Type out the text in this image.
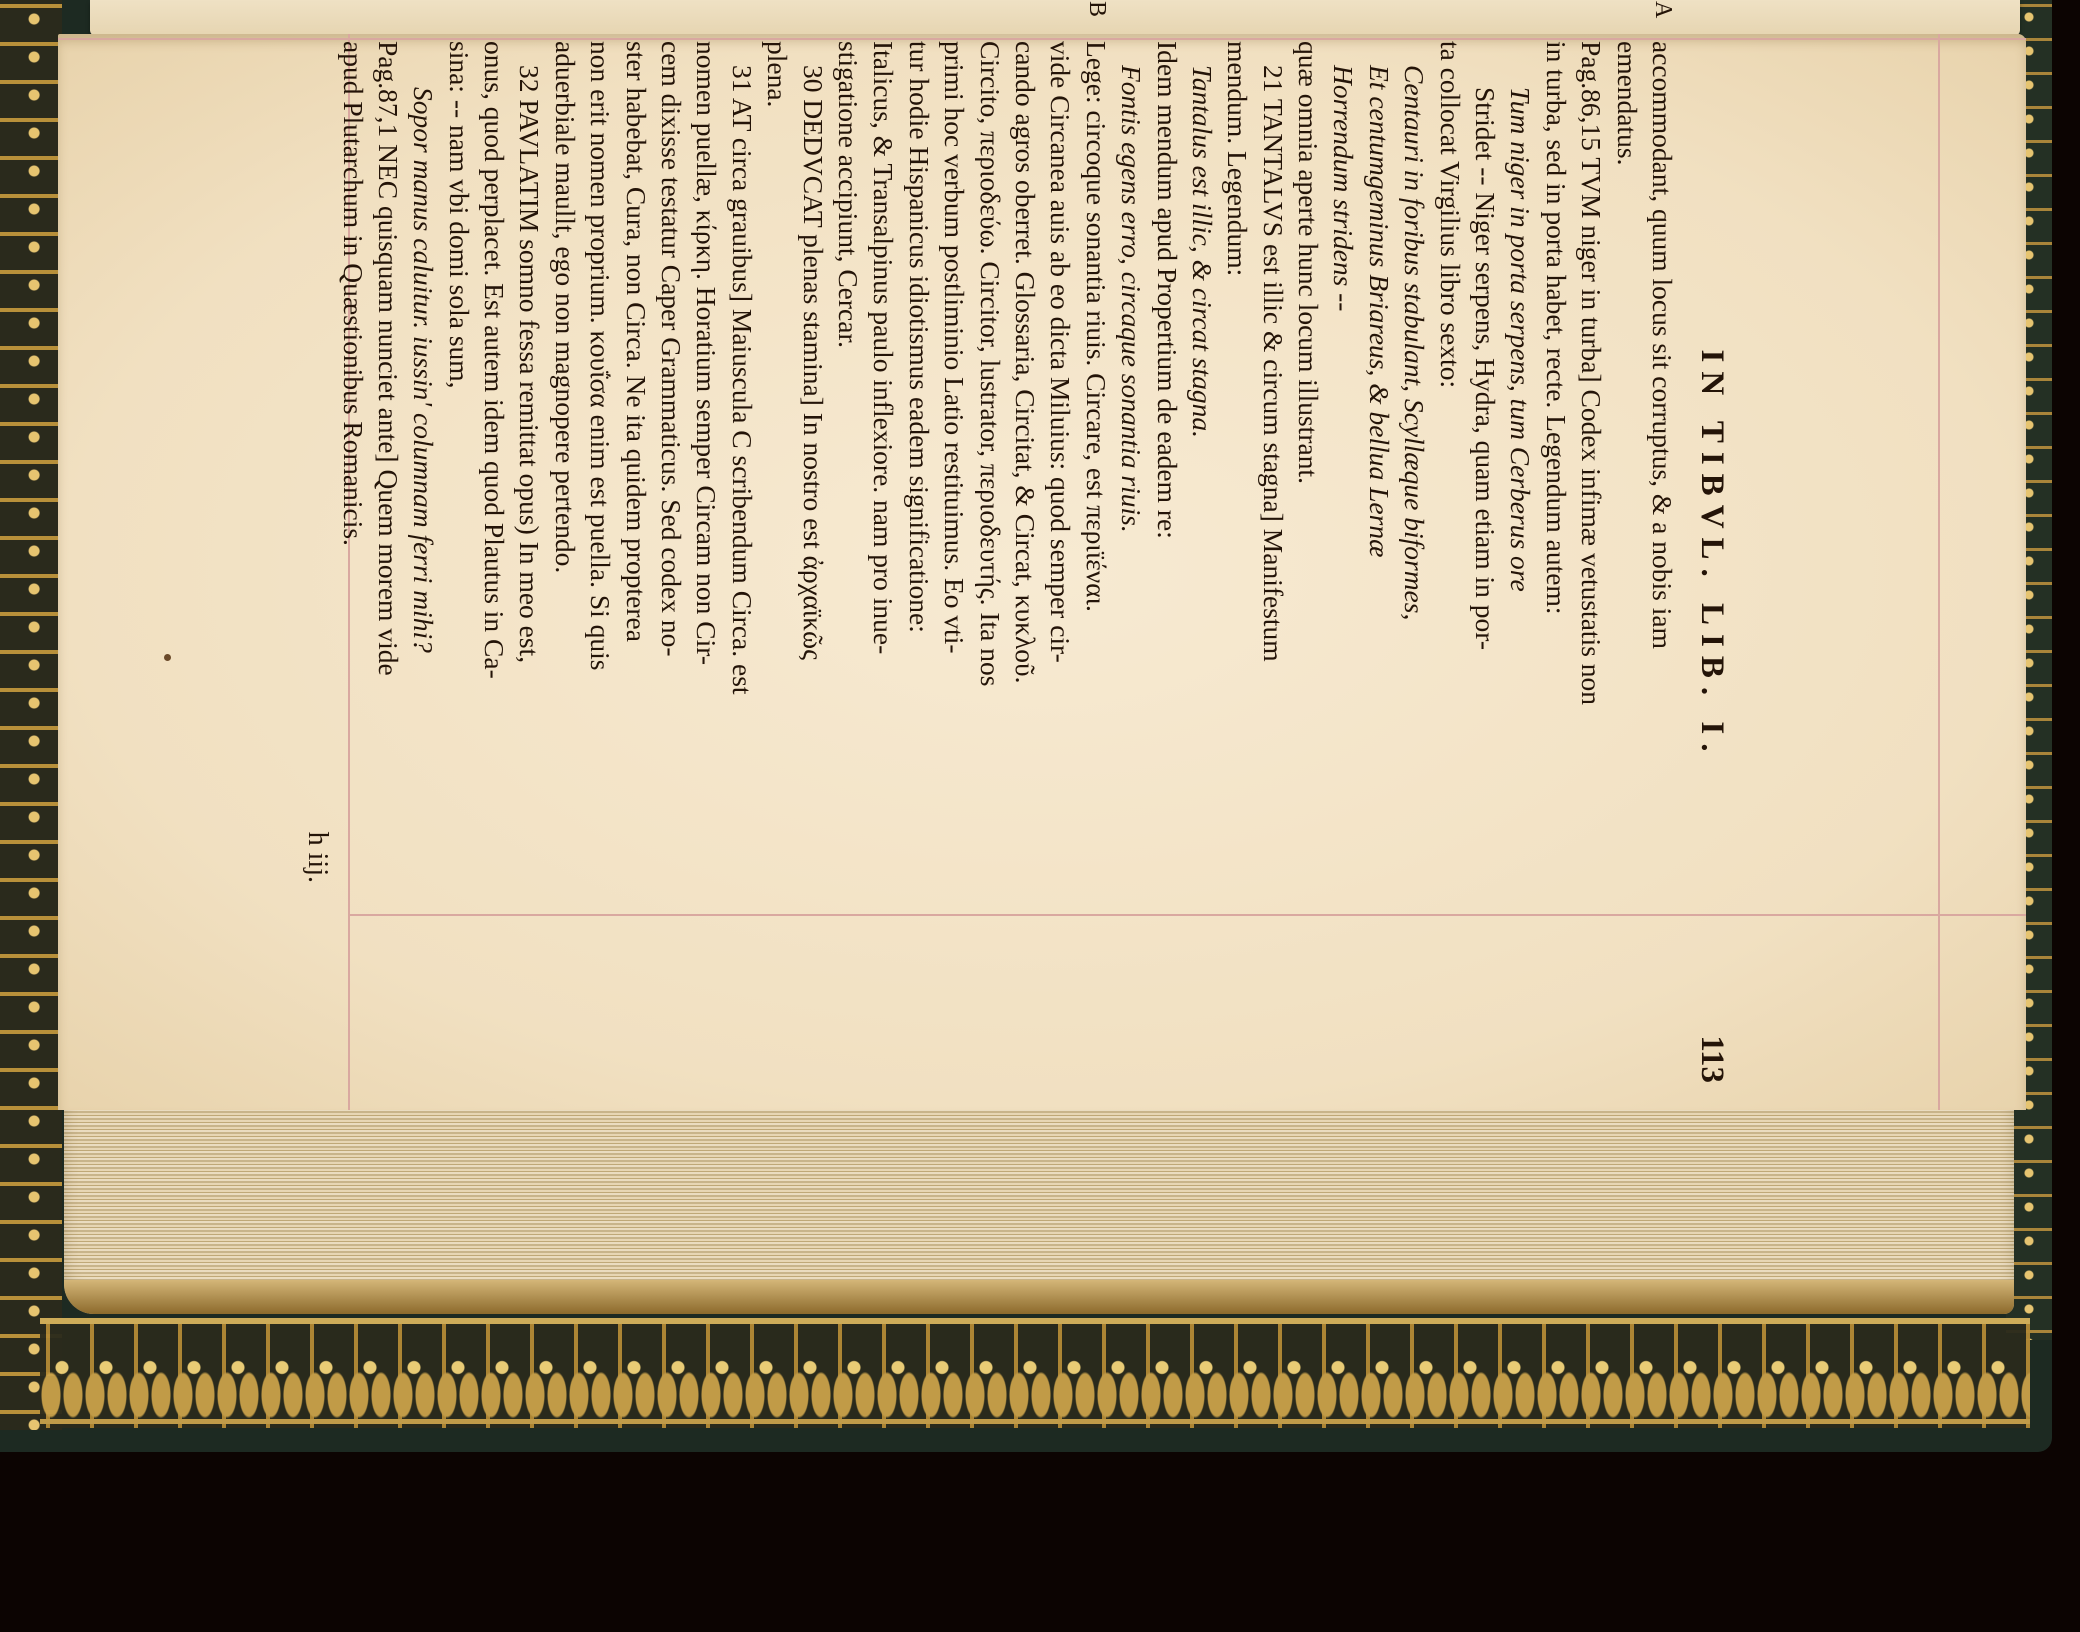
IN TIBVL. LIB. I.
113
A
accommodant, quum locus sit corruptus, & a nobis iam
emendatus.
Pag.86,15 TVM niger in turba] Codex infimæ vetustatis non
in turba, sed in porta habet, recte. Legendum autem:
Tum niger in porta serpens, tum Cerberus ore
Stridet -- Niger serpens, Hydra, quam etiam in por-
ta collocat Virgilius libro sexto:
Centauri in foribus stabulant, Scyllæque biformes,
Et centumgeminus Briareus, & bellua Lernæ
Horrendum stridens --
quæ omnia aperte hunc locum illustrant.
21 TANTALVS est illic & circum stagna] Manifestum
mendum. Legendum:
Tantalus est illic, & circat stagna.
Idem mendum apud Propertium de eadem re:
Fontis egens erro, circaque sonantia riuis.
B
Lege: circoque sonantia riuis. Circare, est περιϊέναι.
vide Circanea auis ab eo dicta Miluius: quod semper cir-
cando agros oberret. Glossaria, Circitat, & Circat, κυκλοῦ.
Circito, περιοδεύω. Circitor, lustrator, περιοδευτής. Ita nos
primi hoc verbum postliminio Latio restituimus. Eo vti-
tur hodie Hispanicus idiotismus eadem significatione:
Italicus, & Transalpinus paulo inflexiore. nam pro inue-
stigatione accipiunt, Cercar.
30 DEDVCAT plenas stamina] In nostro est ἀρχαϊκῶς
plena.
31 AT circa grauibus] Maiuscula C scribendum Circa. est
nomen puellæ, κίρκη. Horatium semper Circam non Cir-
cem dixisse testatur Caper Grammaticus. Sed codex no-
ster habebat, Cura, non Circa. Ne ita quidem propterea
non erit nomen proprium. κουΐσα enim est puella. Si quis
aduerbiale maullt, ego non magnopere pertendo.
32 PAVLATIM somno fessa remittat opus) In meo est,
onus, quod perplacet. Est autem idem quod Plautus in Ca-
sina: -- nam vbi domi sola sum,
Sopor manus caluitur. iussin' columnam ferri mihi?
Pag.87,1 NEC quisquam nunciet ante] Quem morem vide
apud Plutarchum in Quæstionibus Romanicis.
h iij.
